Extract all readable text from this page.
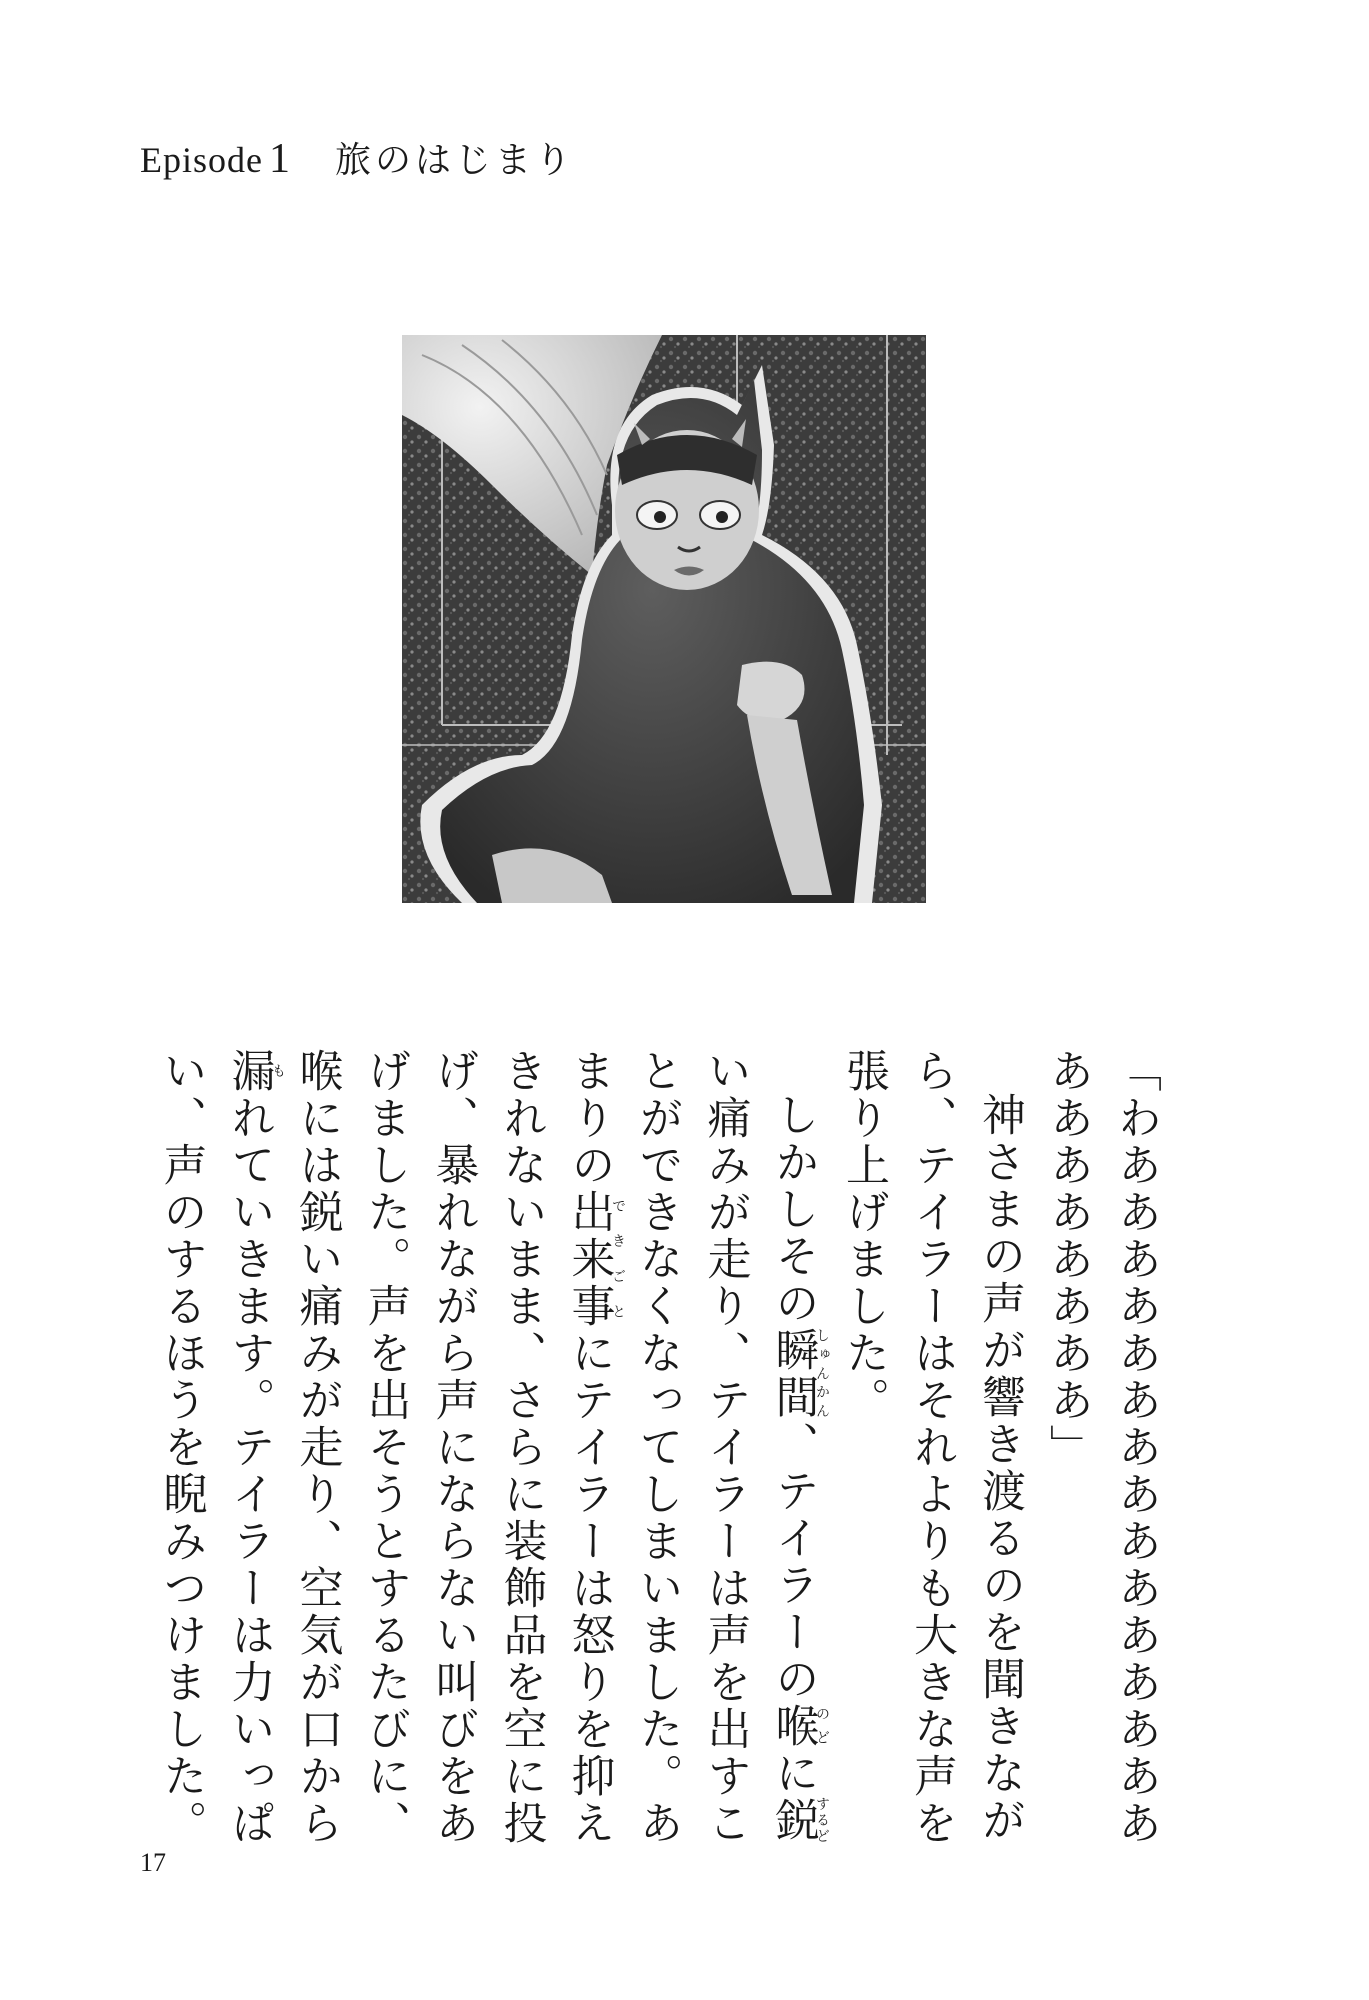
Episode 1 旅のはじまり

「わあああああああああああああああああああああああ」

神さまの声が響き渡るのを聞きながら、テイラーはそれよりも大きな声を張り上げました。

しかしその瞬間しゅんかん、テイラーの喉のどに鋭するどい痛みが走り、テイラーは声を出すことができなくなってしまいました。あまりの出来事できごとにテイラーは怒りを抑えきれないまま、さらに装飾品を空に投げ、暴れながら声にならない叫びをあげました。声を出そうとするたびに、喉には鋭い痛みが走り、空気が口から漏もれていきます。テイラーは力いっぱい、声のするほうを睨みつけました。

17
